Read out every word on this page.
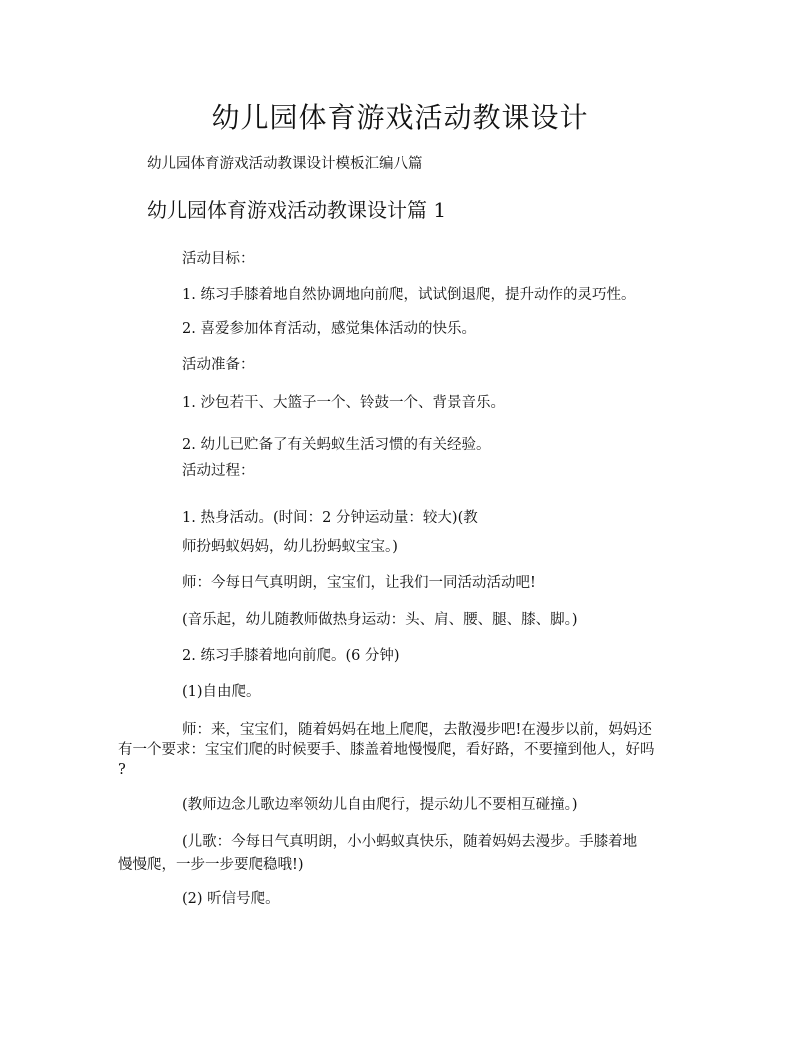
幼儿园体育游戏活动教课设计
幼儿园体育游戏活动教课设计模板汇编八篇
幼儿园体育游戏活动教课设计篇 1
活动目标：
1. 练习手膝着地自然协调地向前爬，试试倒退爬，提升动作的灵巧性。
2. 喜爱参加体育活动，感觉集体活动的快乐。
活动准备：
1. 沙包若干、大篮子一个、铃鼓一个、背景音乐。
2. 幼儿已贮备了有关蚂蚁生活习惯的有关经验。
活动过程：
1. 热身活动。(时间：2 分钟运动量：较大)(教
师扮蚂蚁妈妈，幼儿扮蚂蚁宝宝。)
师：今每日气真明朗，宝宝们，让我们一同活动活动吧!
(音乐起，幼儿随教师做热身运动：头、肩、腰、腿、膝、脚。)
2. 练习手膝着地向前爬。(6 分钟)
(1)自由爬。
师：来，宝宝们，随着妈妈在地上爬爬，去散漫步吧!在漫步以前，妈妈还
有一个要求：宝宝们爬的时候要手、膝盖着地慢慢爬，看好路，不要撞到他人，好吗
?
(教师边念儿歌边率领幼儿自由爬行，提示幼儿不要相互碰撞。)
(儿歌：今每日气真明朗，小小蚂蚁真快乐，随着妈妈去漫步。手膝着地
慢慢爬，一步一步要爬稳哦!)
(2) 听信号爬。
